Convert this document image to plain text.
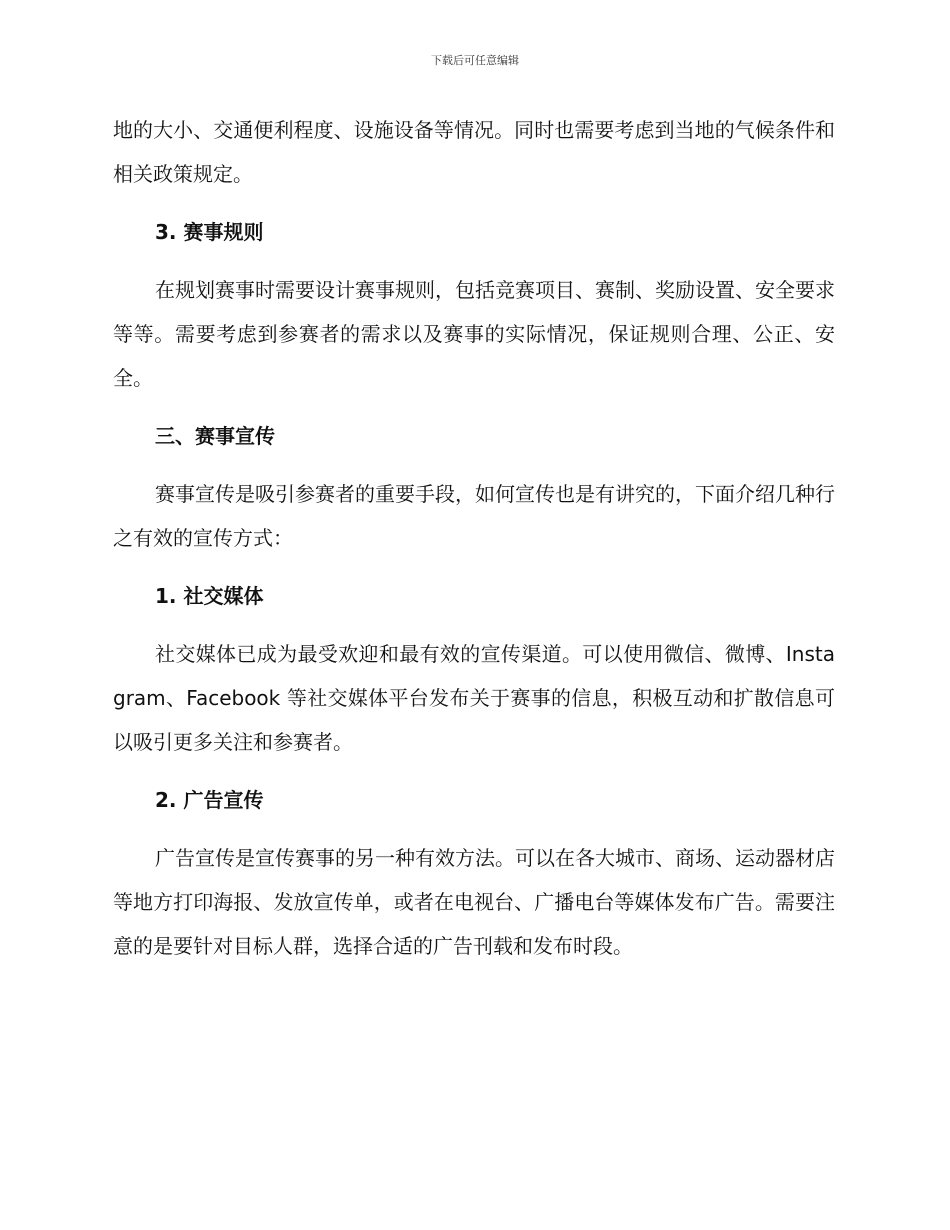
下载后可任意编辑

地的大小、交通便利程度、设施设备等情况。同时也需要考虑到当地的气候条件和相关政策规定。

3. 赛事规则

在规划赛事时需要设计赛事规则，包括竞赛项目、赛制、奖励设置、安全要求等等。需要考虑到参赛者的需求以及赛事的实际情况，保证规则合理、公正、安全。

三、赛事宣传

赛事宣传是吸引参赛者的重要手段，如何宣传也是有讲究的，下面介绍几种行之有效的宣传方式：

1. 社交媒体

社交媒体已成为最受欢迎和最有效的宣传渠道。可以使用微信、微博、Instagram、Facebook 等社交媒体平台发布关于赛事的信息，积极互动和扩散信息可以吸引更多关注和参赛者。

2. 广告宣传

广告宣传是宣传赛事的另一种有效方法。可以在各大城市、商场、运动器材店等地方打印海报、发放宣传单，或者在电视台、广播电台等媒体发布广告。需要注意的是要针对目标人群，选择合适的广告刊载和发布时段。
